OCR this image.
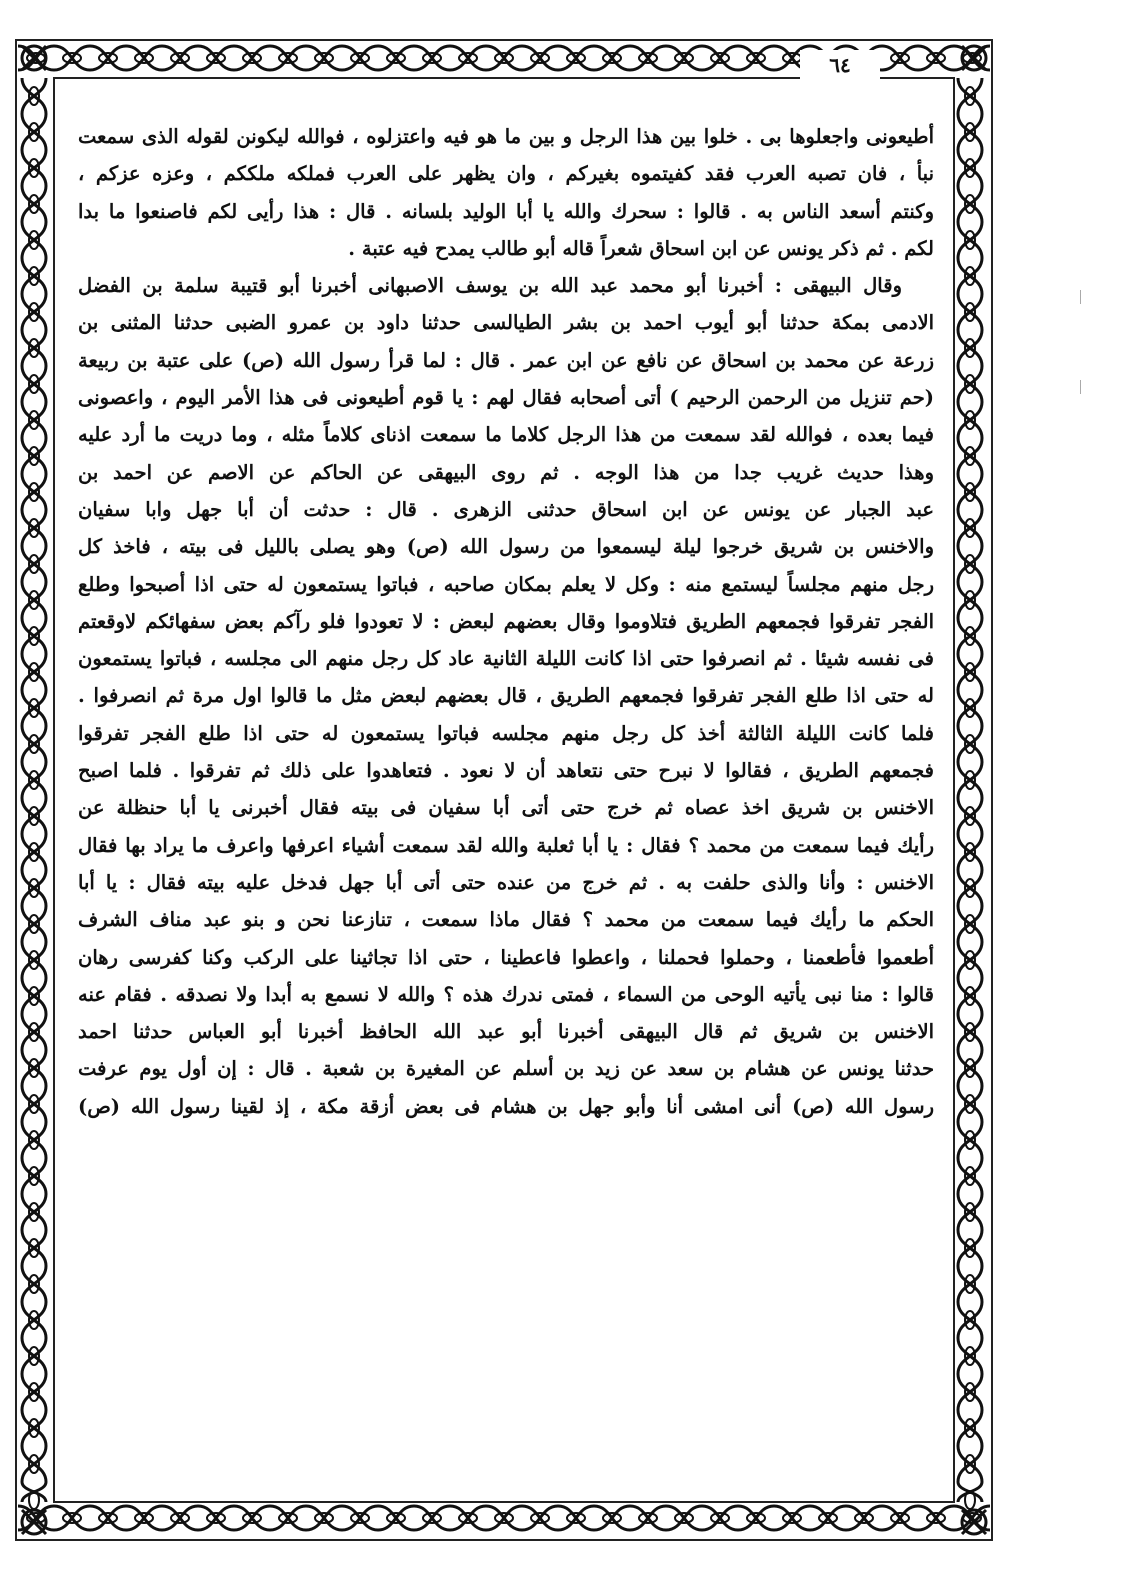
٦٤
أطيعونى واجعلوها بى . خلوا بين هذا الرجل و بين ما هو فيه واعتزلوه ، فوالله ليكونن لقوله الذى سمعت
نبأ ، فان تصبه العرب فقد كفيتموه بغيركم ، وان يظهر على العرب فملكه ملككم ، وعزه عزكم ،
وكنتم أسعد الناس به . قالوا : سحرك والله يا أبا الوليد بلسانه . قال : هذا رأيى لكم فاصنعوا ما بدا
لكم . ثم ذكر يونس عن ابن اسحاق شعراً قاله أبو طالب يمدح فيه عتبة .
وقال البيهقى : أخبرنا أبو محمد عبد الله بن يوسف الاصبهانى أخبرنا أبو قتيبة سلمة بن الفضل
الادمى بمكة حدثنا أبو أيوب احمد بن بشر الطيالسى حدثنا داود بن عمرو الضبى حدثنا المثنى بن
زرعة عن محمد بن اسحاق عن نافع عن ابن عمر . قال : لما قرأ رسول الله (ص) على عتبة بن ربيعة
(حم تنزيل من الرحمن الرحيم ) أتى أصحابه فقال لهم : يا قوم أطيعونى فى هذا الأمر اليوم ، واعصونى
فيما بعده ، فوالله لقد سمعت من هذا الرجل كلاما ما سمعت اذناى كلاماً مثله ، وما دريت ما أرد عليه
وهذا حديث غريب جدا من هذا الوجه . ثم روى البيهقى عن الحاكم عن الاصم عن احمد بن
عبد الجبار عن يونس عن ابن اسحاق حدثنى الزهرى . قال : حدثت أن أبا جهل وابا سفيان
والاخنس بن شريق خرجوا ليلة ليسمعوا من رسول الله (ص) وهو يصلى بالليل فى بيته ، فاخذ كل
رجل منهم مجلساً ليستمع منه : وكل لا يعلم بمكان صاحبه ، فباتوا يستمعون له حتى اذا أصبحوا وطلع
الفجر تفرقوا فجمعهم الطريق فتلاوموا وقال بعضهم لبعض : لا تعودوا فلو رآكم بعض سفهائكم لاوقعتم
فى نفسه شيئا . ثم انصرفوا حتى اذا كانت الليلة الثانية عاد كل رجل منهم الى مجلسه ، فباتوا يستمعون
له حتى اذا طلع الفجر تفرقوا فجمعهم الطريق ، قال بعضهم لبعض مثل ما قالوا اول مرة ثم انصرفوا .
فلما كانت الليلة الثالثة أخذ كل رجل منهم مجلسه فباتوا يستمعون له حتى اذا طلع الفجر تفرقوا
فجمعهم الطريق ، فقالوا لا نبرح حتى نتعاهد أن لا نعود . فتعاهدوا على ذلك ثم تفرقوا . فلما اصبح
الاخنس بن شريق اخذ عصاه ثم خرج حتى أتى أبا سفيان فى بيته فقال أخبرنى يا أبا حنظلة عن
رأيك فيما سمعت من محمد ؟ فقال : يا أبا ثعلبة والله لقد سمعت أشياء اعرفها واعرف ما يراد بها فقال
الاخنس : وأنا والذى حلفت به . ثم خرج من عنده حتى أتى أبا جهل فدخل عليه بيته فقال : يا أبا
الحكم ما رأيك فيما سمعت من محمد ؟ فقال ماذا سمعت ، تنازعنا نحن و بنو عبد مناف الشرف
أطعموا فأطعمنا ، وحملوا فحملنا ، واعطوا فاعطينا ، حتى اذا تجاثينا على الركب وكنا كفرسى رهان
قالوا : منا نبى يأتيه الوحى من السماء ، فمتى ندرك هذه ؟ والله لا نسمع به أبدا ولا نصدقه . فقام عنه
الاخنس بن شريق ثم قال البيهقى أخبرنا أبو عبد الله الحافظ أخبرنا أبو العباس حدثنا احمد
حدثنا يونس عن هشام بن سعد عن زيد بن أسلم عن المغيرة بن شعبة . قال : إن أول يوم عرفت
رسول الله (ص) أنى امشى أنا وأبو جهل بن هشام فى بعض أزقة مكة ، إذ لقينا رسول الله (ص)
